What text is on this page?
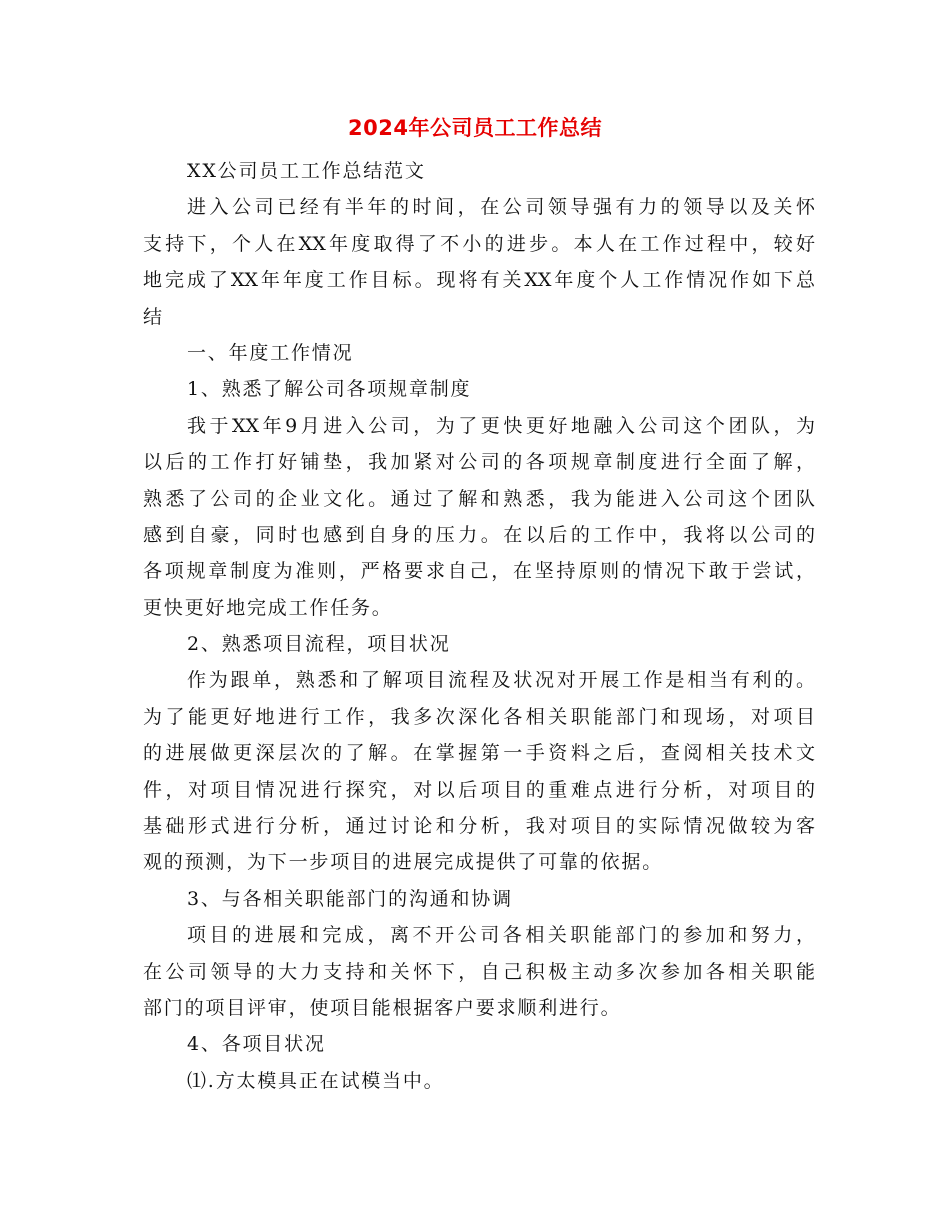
2024年公司员工工作总结
XX公司员工工作总结范文
进入公司已经有半年的时间，在公司领导强有力的领导以及关怀
支持下，个人在XX年度取得了不小的进步。本人在工作过程中，较好
地完成了XX年年度工作目标。现将有关XX年度个人工作情况作如下总
结
一、年度工作情况
1、熟悉了解公司各项规章制度
我于XX年9月进入公司，为了更快更好地融入公司这个团队，为
以后的工作打好铺垫，我加紧对公司的各项规章制度进行全面了解，
熟悉了公司的企业文化。通过了解和熟悉，我为能进入公司这个团队
感到自豪，同时也感到自身的压力。在以后的工作中，我将以公司的
各项规章制度为准则，严格要求自己，在坚持原则的情况下敢于尝试，
更快更好地完成工作任务。
2、熟悉项目流程，项目状况
作为跟单，熟悉和了解项目流程及状况对开展工作是相当有利的。
为了能更好地进行工作，我多次深化各相关职能部门和现场，对项目
的进展做更深层次的了解。在掌握第一手资料之后，查阅相关技术文
件，对项目情况进行探究，对以后项目的重难点进行分析，对项目的
基础形式进行分析，通过讨论和分析，我对项目的实际情况做较为客
观的预测，为下一步项目的进展完成提供了可靠的依据。
3、与各相关职能部门的沟通和协调
项目的进展和完成，离不开公司各相关职能部门的参加和努力，
在公司领导的大力支持和关怀下，自己积极主动多次参加各相关职能
部门的项目评审，使项目能根据客户要求顺利进行。
4、各项目状况
⑴.方太模具正在试模当中。
